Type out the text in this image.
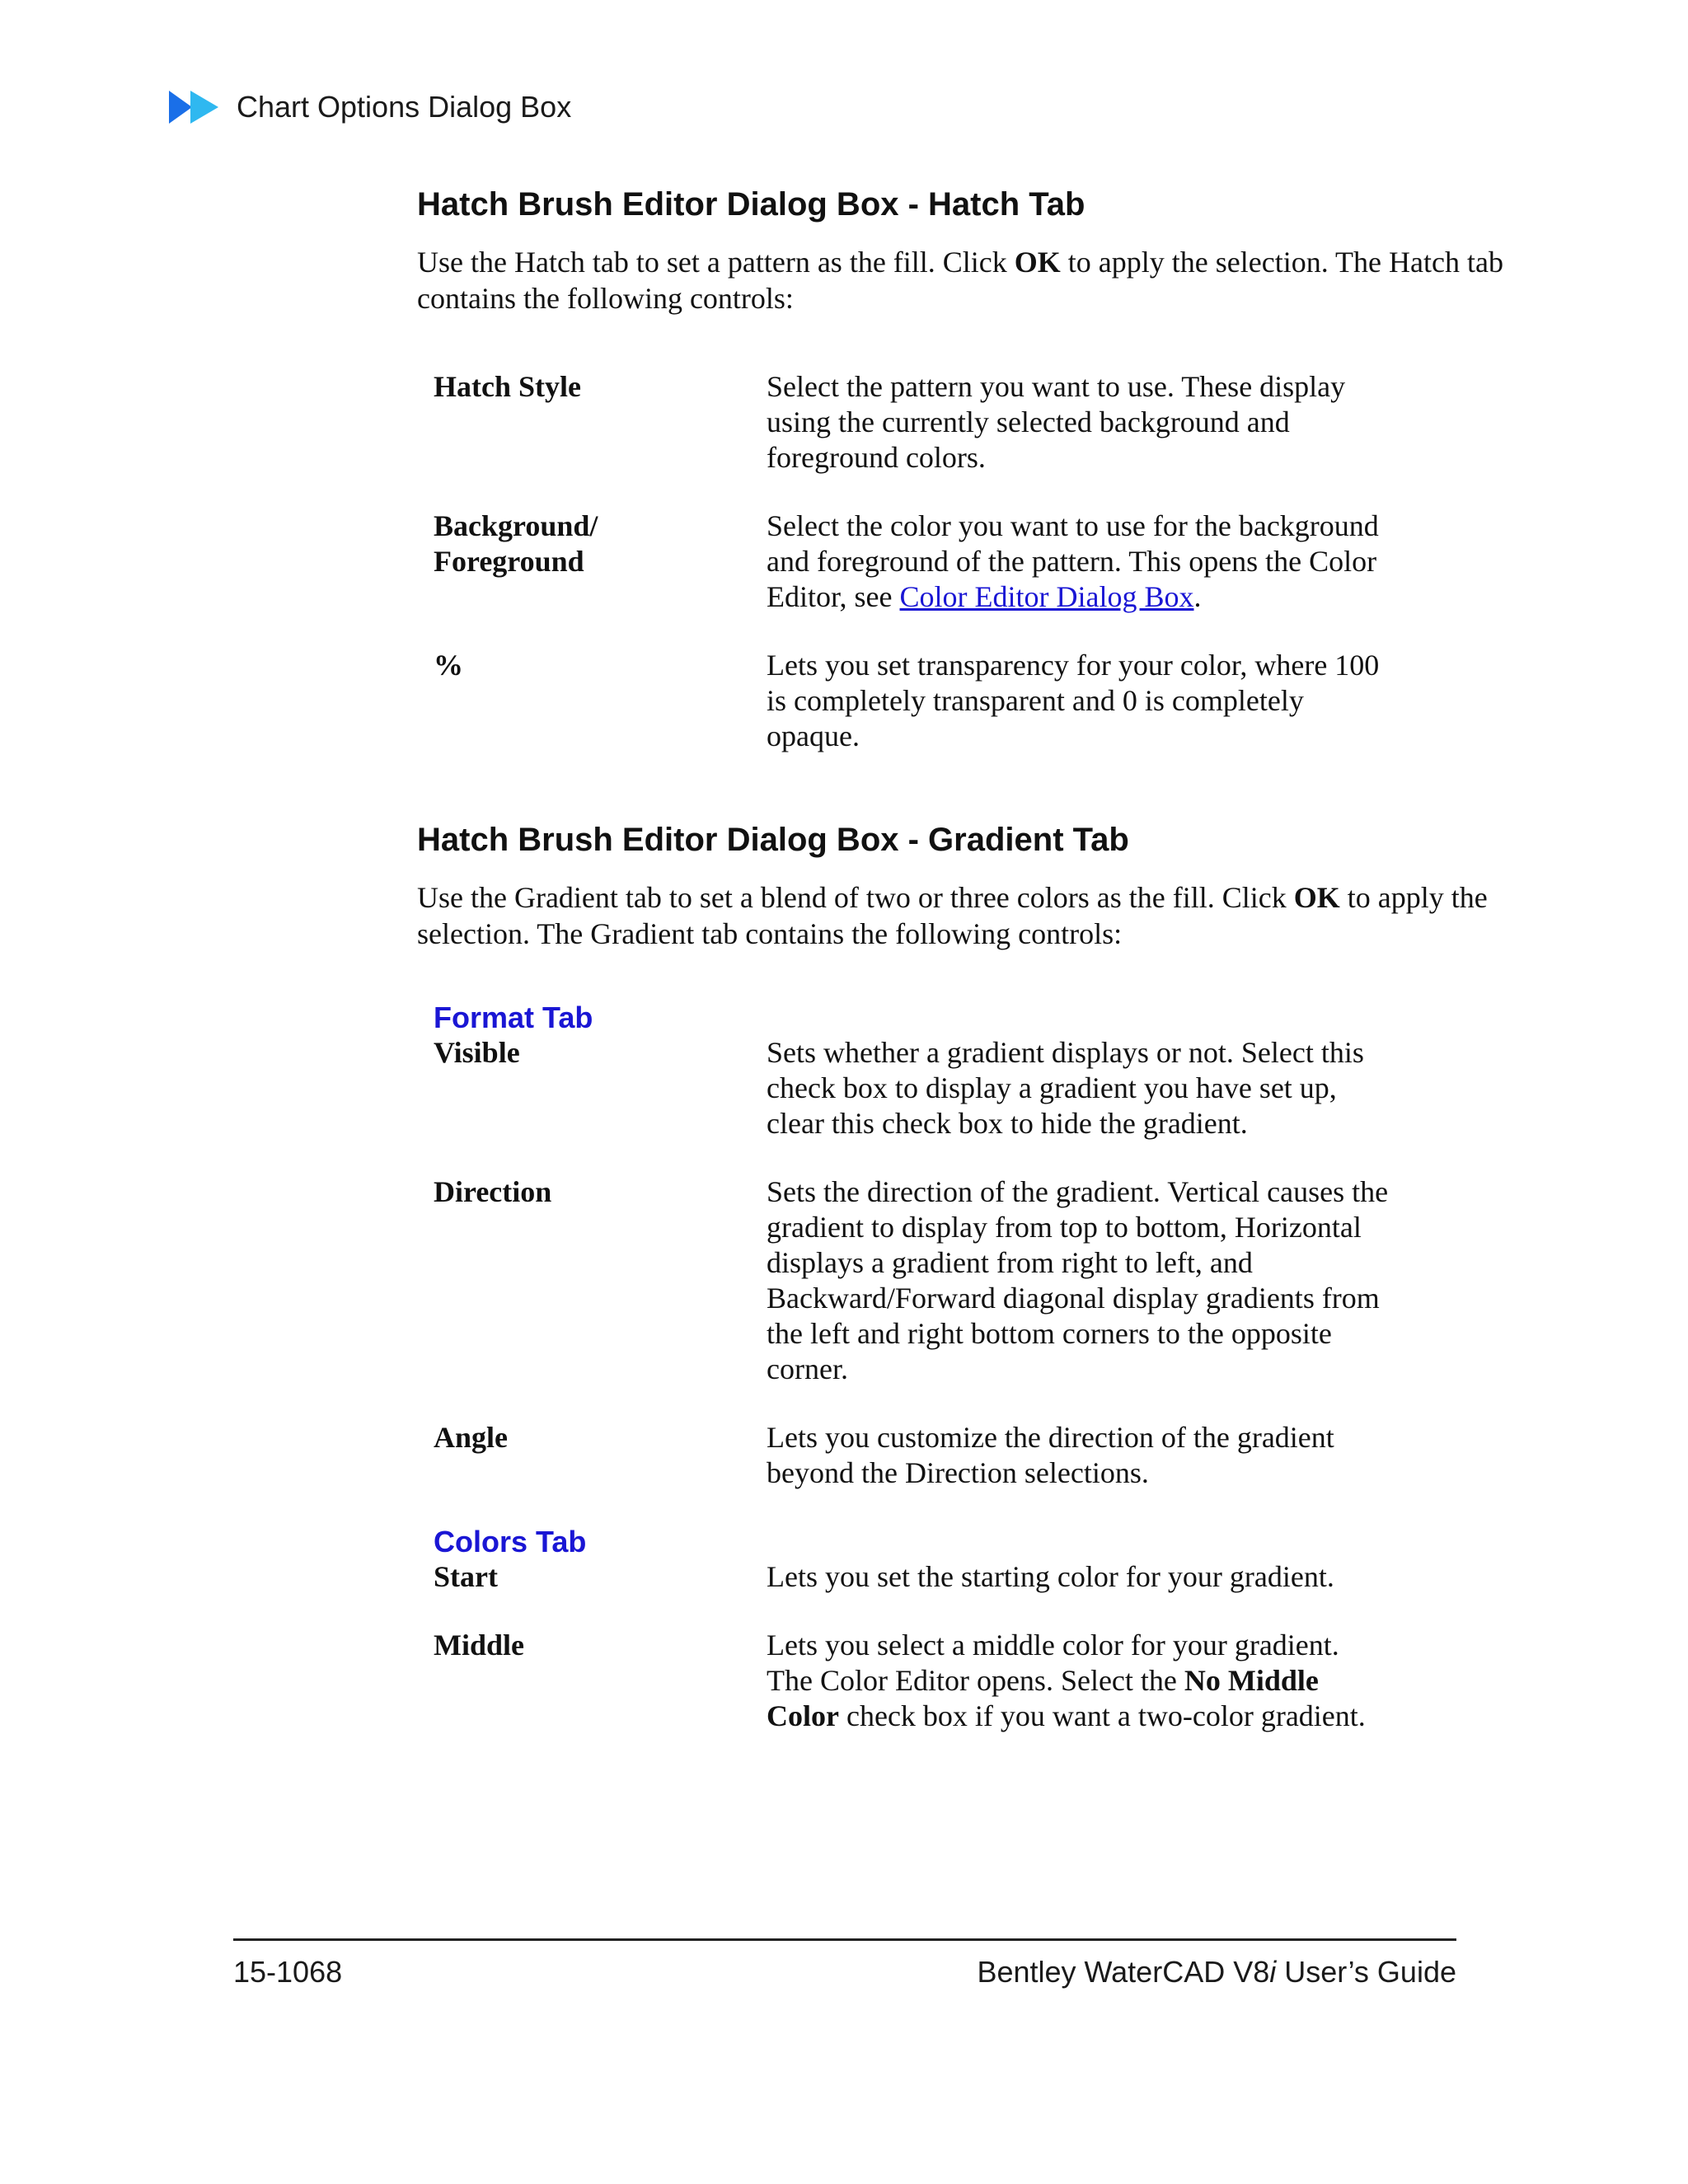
Chart Options Dialog Box
Hatch Brush Editor Dialog Box - Hatch Tab

Use the Hatch tab to set a pattern as the fill. Click OK to apply the selection. The Hatch tab contains the following controls:

Hatch Style	Select the pattern you want to use. These display using the currently selected background and foreground colors.
Background/
Foreground	Select the color you want to use for the background and foreground of the pattern. This opens the Color Editor, see Color Editor Dialog Box.
%	Lets you set transparency for your color, where 100 is completely transparent and 0 is completely opaque.
Hatch Brush Editor Dialog Box - Gradient Tab

Use the Gradient tab to set a blend of two or three colors as the fill. Click OK to apply the selection. The Gradient tab contains the following controls:

Format Tab	
Visible	Sets whether a gradient displays or not. Select this check box to display a gradient you have set up, clear this check box to hide the gradient.
Direction	Sets the direction of the gradient. Vertical causes the gradient to display from top to bottom, Horizontal displays a gradient from right to left, and Backward/Forward diagonal display gradients from the left and right bottom corners to the opposite corner.
Angle	Lets you customize the direction of the gradient beyond the Direction selections.
Colors Tab	
Start	Lets you set the starting color for your gradient.
Middle	Lets you select a middle color for your gradient. The Color Editor opens. Select the No Middle Color check box if you want a two-color gradient.
15-1068	Bentley WaterCAD V8i User’s Guide
